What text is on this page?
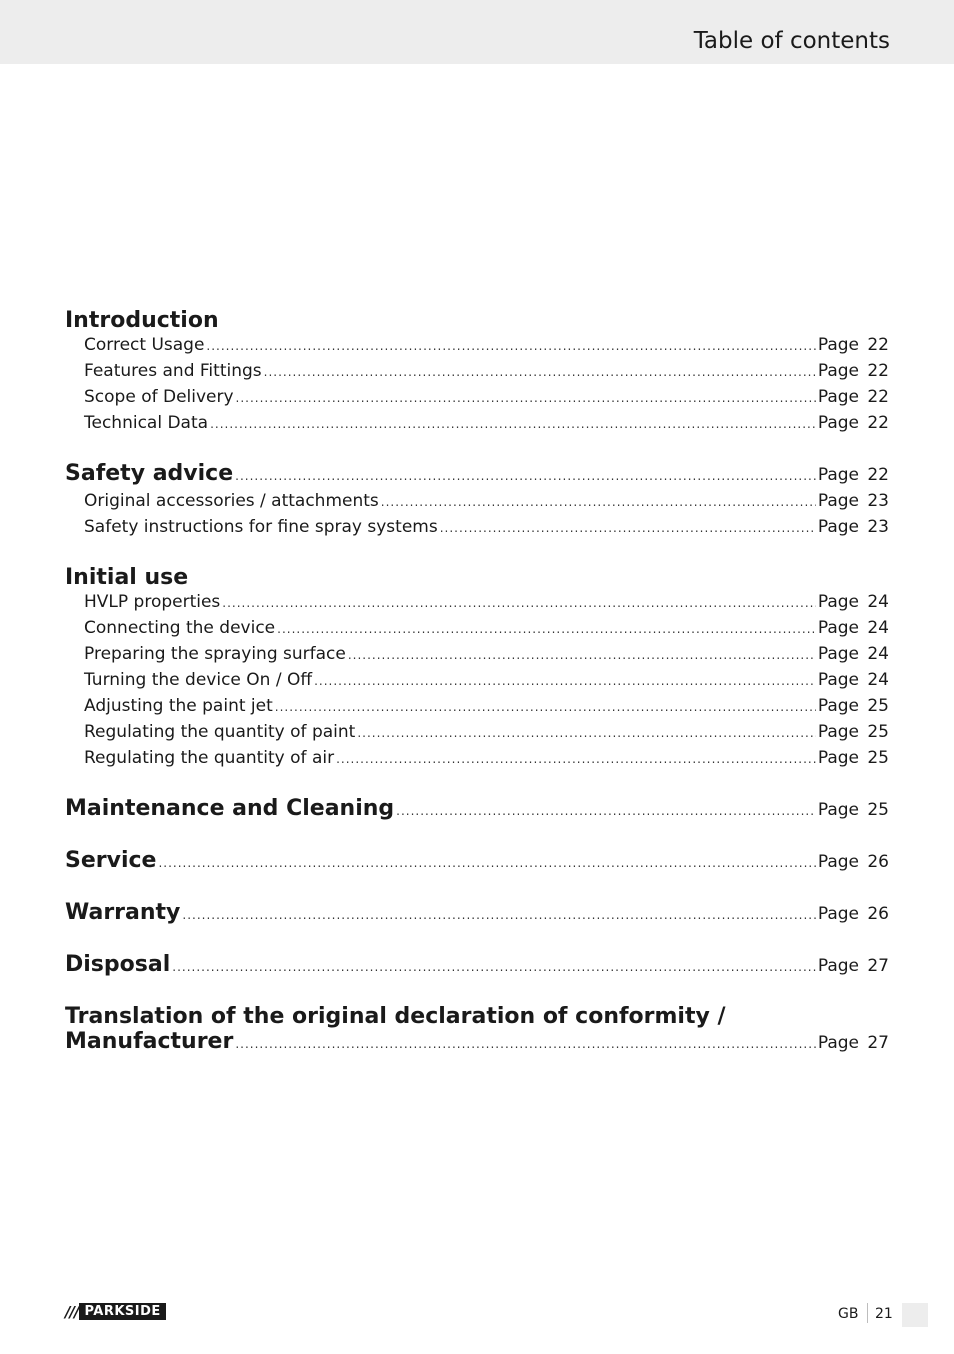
Table of contents
Introduction
Correct Usage .....	Page 22
Features and Fittings .....	Page 22
Scope of Delivery .....	Page 22
Technical Data .....	Page 22
Safety advice .....	Page 22
Original accessories / attachments .....	Page 23
Safety instructions for fine spray systems .....	Page 23
Initial use
HVLP properties .....	Page 24
Connecting the device .....	Page 24
Preparing the spraying surface .....	Page 24
Turning the device On / Off .....	Page 24
Adjusting the paint jet .....	Page 25
Regulating the quantity of paint .....	Page 25
Regulating the quantity of air .....	Page 25
Maintenance and Cleaning .....	Page 25
Service .....	Page 26
Warranty .....	Page 26
Disposal .....	Page 27
Translation of the original declaration of conformity /
Manufacturer .....	Page 27
/// PARKSIDE	GB 21
